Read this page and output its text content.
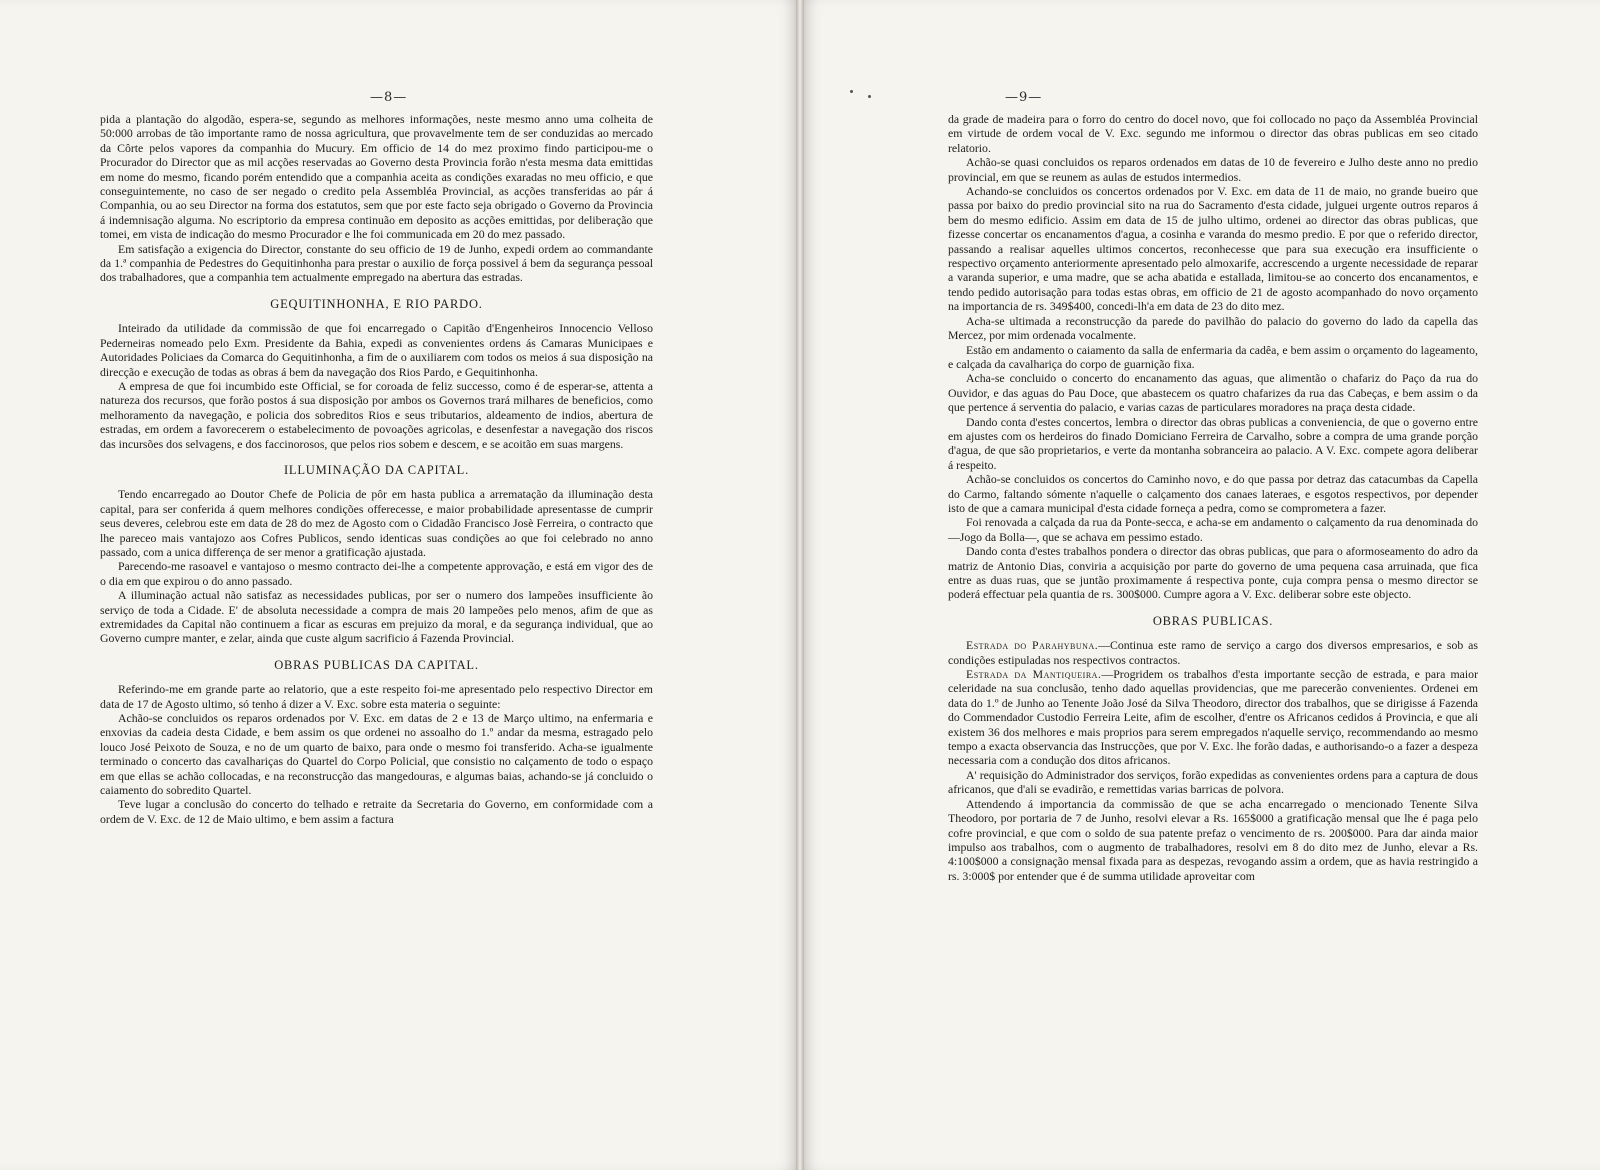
—8—

pida a plantação do algodão, espera-se, segundo as melhores informações, neste mesmo anno uma colheita de 50:000 arrobas de tão importante ramo de nossa agricultura, que provavelmente tem de ser conduzidas ao mercado da Côrte pelos vapores da companhia do Mucury. Em officio de 14 do mez proximo findo participou-me o Procurador do Director que as mil acções reservadas ao Governo desta Provincia forão n'esta mesma data emittidas em nome do mesmo, ficando porém entendido que a companhia aceita as condições exaradas no meu officio, e que conseguintemente, no caso de ser negado o credito pela Assembléa Provincial, as acções transferidas ao pár á Companhia, ou ao seu Director na forma dos estatutos, sem que por este facto seja obrigado o Governo da Provincia á indemnisação alguma. No escriptorio da empresa continuão em deposito as acções emittidas, por deliberação que tomei, em vista de indicação do mesmo Procurador e lhe foi communicada em 20 do mez passado.

Em satisfação a exigencia do Director, constante do seu officio de 19 de Junho, expedi ordem ao commandante da 1.ª companhia de Pedestres do Gequitinhonha para prestar o auxilio de força possivel á bem da segurança pessoal dos trabalhadores, que a companhia tem actualmente empregado na abertura das estradas.

GEQUITINHONHA, E RIO PARDO.

Inteirado da utilidade da commissão de que foi encarregado o Capitão d'Engenheiros Innocencio Velloso Pederneiras nomeado pelo Exm. Presidente da Bahia, expedi as convenientes ordens ás Camaras Municipaes e Autoridades Policiaes da Comarca do Gequitinhonha, a fim de o auxiliarem com todos os meios á sua disposição na direcção e execução de todas as obras á bem da navegação dos Rios Pardo, e Gequitinhonha.

A empresa de que foi incumbido este Official, se for coroada de feliz successo, como é de esperar-se, attenta a natureza dos recursos, que forão postos á sua disposição por ambos os Governos trará milhares de beneficios, como melhoramento da navegação, e policia dos sobreditos Rios e seus tributarios, aldeamento de indios, abertura de estradas, em ordem a favorecerem o estabelecimento de povoações agricolas, e desenfestar a navegação dos riscos das incursões dos selvagens, e dos faccinorosos, que pelos rios sobem e descem, e se acoitão em suas margens.

ILLUMINAÇÃO DA CAPITAL.

Tendo encarregado ao Doutor Chefe de Policia de pôr em hasta publica a arrematação da illuminação desta capital, para ser conferida á quem melhores condições offerecesse, e maior probabilidade apresentasse de cumprir seus deveres, celebrou este em data de 28 do mez de Agosto com o Cidadão Francisco Josè Ferreira, o contracto que lhe pareceo mais vantajozo aos Cofres Publicos, sendo identicas suas condições ao que foi celebrado no anno passado, com a unica differença de ser menor a gratificação ajustada.

Parecendo-me rasoavel e vantajoso o mesmo contracto dei-lhe a competente approvação, e está em vigor des de o dia em que expirou o do anno passado.

A illuminação actual não satisfaz as necessidades publicas, por ser o numero dos lampeões insufficiente ão serviço de toda a Cidade. E' de absoluta necessidade a compra de mais 20 lampeões pelo menos, afim de que as extremidades da Capital não continuem a ficar as escuras em prejuizo da moral, e da segurança individual, que ao Governo cumpre manter, e zelar, ainda que custe algum sacrificio á Fazenda Provincial.

OBRAS PUBLICAS DA CAPITAL.

Referindo-me em grande parte ao relatorio, que a este respeito foi-me apresentado pelo respectivo Director em data de 17 de Agosto ultimo, só tenho á dizer a V. Exc. sobre esta materia o seguinte:

Achão-se concluidos os reparos ordenados por V. Exc. em datas de 2 e 13 de Março ultimo, na enfermaria e enxovias da cadeia desta Cidade, e bem assim os que ordenei no assoalho do 1.º andar da mesma, estragado pelo louco José Peixoto de Souza, e no de um quarto de baixo, para onde o mesmo foi transferido. Acha-se igualmente terminado o concerto das cavalhariças do Quartel do Corpo Policial, que consistio no calçamento de todo o espaço em que ellas se achão collocadas, e na reconstrucção das mangedouras, e algumas baias, achando-se já concluido o caiamento do sobredito Quartel.

Teve lugar a conclusão do concerto do telhado e retraite da Secretaria do Governo, em conformidade com a ordem de V. Exc. de 12 de Maio ultimo, e bem assim a factura

—9—

da grade de madeira para o forro do centro do docel novo, que foi collocado no paço da Assembléa Provincial em virtude de ordem vocal de V. Exc. segundo me informou o director das obras publicas em seo citado relatorio.

Achão-se quasi concluidos os reparos ordenados em datas de 10 de fevereiro e Julho deste anno no predio provincial, em que se reunem as aulas de estudos intermedios.

Achando-se concluidos os concertos ordenados por V. Exc. em data de 11 de maio, no grande bueiro que passa por baixo do predio provincial sito na rua do Sacramento d'esta cidade, julguei urgente outros reparos á bem do mesmo edificio. Assim em data de 15 de julho ultimo, ordenei ao director das obras publicas, que fizesse concertar os encanamentos d'agua, a cosinha e varanda do mesmo predio. E por que o referido director, passando a realisar aquelles ultimos concertos, reconhecesse que para sua execução era insufficiente o respectivo orçamento anteriormente apresentado pelo almoxarife, accrescendo a urgente necessidade de reparar a varanda superior, e uma madre, que se acha abatida e estallada, limitou-se ao concerto dos encanamentos, e tendo pedido autorisação para todas estas obras, em officio de 21 de agosto acompanhado do novo orçamento na importancia de rs. 349$400, concedi-lh'a em data de 23 do dito mez.

Acha-se ultimada a reconstrucção da parede do pavilhão do palacio do governo do lado da capella das Mercez, por mim ordenada vocalmente.

Estão em andamento o caiamento da salla de enfermaria da cadêa, e bem assim o orçamento do lageamento, e calçada da cavalhariça do corpo de guarnição fixa.

Acha-se concluido o concerto do encanamento das aguas, que alimentão o chafariz do Paço da rua do Ouvidor, e das aguas do Pau Doce, que abastecem os quatro chafarizes da rua das Cabeças, e bem assim o da que pertence á serventia do palacio, e varias cazas de particulares moradores na praça desta cidade.

Dando conta d'estes concertos, lembra o director das obras publicas a conveniencia, de que o governo entre em ajustes com os herdeiros do finado Domiciano Ferreira de Carvalho, sobre a compra de uma grande porção d'agua, de que são proprietarios, e verte da montanha sobranceira ao palacio. A V. Exc. compete agora deliberar á respeito.

Achão-se concluidos os concertos do Caminho novo, e do que passa por detraz das catacumbas da Capella do Carmo, faltando sómente n'aquelle o calçamento dos canaes lateraes, e esgotos respectivos, por depender isto de que a camara municipal d'esta cidade forneça a pedra, como se comprometera a fazer.

Foi renovada a calçada da rua da Ponte-secca, e acha-se em andamento o calçamento da rua denominada do—Jogo da Bolla—, que se achava em pessimo estado.

Dando conta d'estes trabalhos pondera o director das obras publicas, que para o aformoseamento do adro da matriz de Antonio Dias, conviria a acquisição por parte do governo de uma pequena casa arruinada, que fica entre as duas ruas, que se juntão proximamente á respectiva ponte, cuja compra pensa o mesmo director se poderá effectuar pela quantia de rs. 300$000. Cumpre agora a V. Exc. deliberar sobre este objecto.

OBRAS PUBLICAS.

Estrada do Parahybuna.—Continua este ramo de serviço a cargo dos diversos empresarios, e sob as condições estipuladas nos respectivos contractos.

Estrada da Mantiqueira.—Progridem os trabalhos d'esta importante secção de estrada, e para maior celeridade na sua conclusão, tenho dado aquellas providencias, que me parecerão convenientes. Ordenei em data do 1.º de Junho ao Tenente João José da Silva Theodoro, director dos trabalhos, que se dirigisse á Fazenda do Commendador Custodio Ferreira Leite, afim de escolher, d'entre os Africanos cedidos á Provincia, e que ali existem 36 dos melhores e mais proprios para serem empregados n'aquelle serviço, recommendando ao mesmo tempo a exacta observancia das Instrucções, que por V. Exc. lhe forão dadas, e authorisando-o a fazer a despeza necessaria com a condução dos ditos africanos.

A' requisição do Administrador dos serviços, forão expedidas as convenientes ordens para a captura de dous africanos, que d'ali se evadirão, e remettidas varias barricas de polvora.

Attendendo á importancia da commissão de que se acha encarregado o mencionado Tenente Silva Theodoro, por portaria de 7 de Junho, resolvi elevar a Rs. 165$000 a gratificação mensal que lhe é paga pelo cofre provincial, e que com o soldo de sua patente prefaz o vencimento de rs. 200$000. Para dar ainda maior impulso aos trabalhos, com o augmento de trabalhadores, resolvi em 8 do dito mez de Junho, elevar a Rs. 4:100$000 a consignação mensal fixada para as despezas, revogando assim a ordem, que as havia restringido a rs. 3:000$ por entender que é de summa utilidade aproveitar com
